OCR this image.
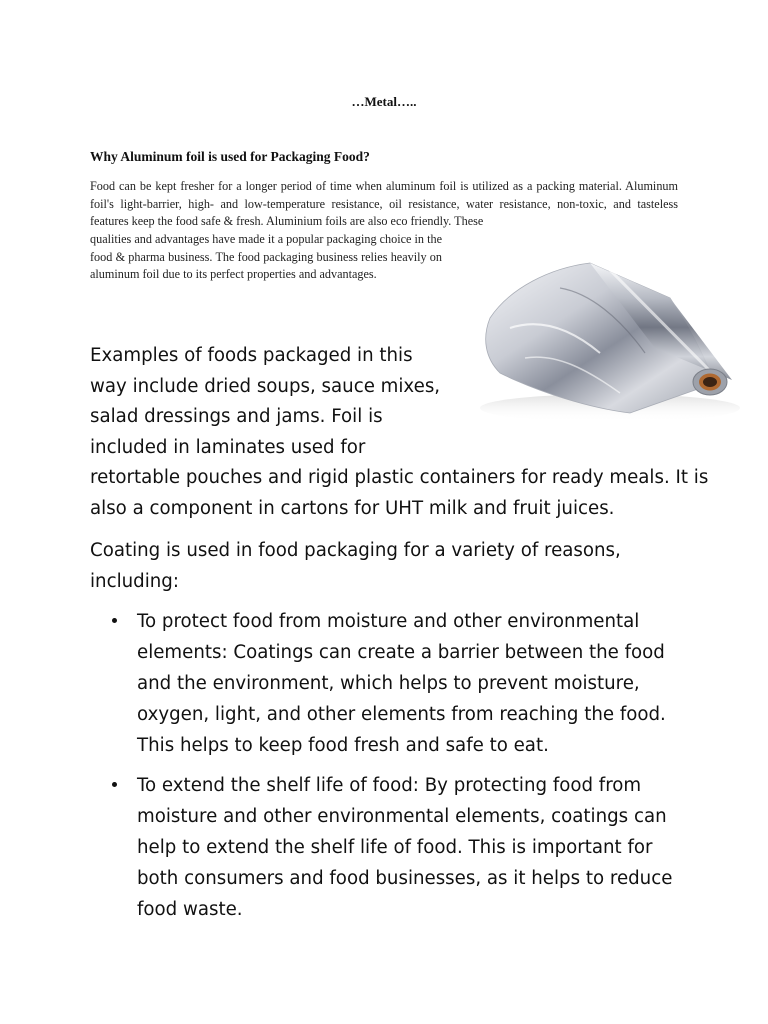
…Metal…..
Why Aluminum foil is used for Packaging Food?

Food can be kept fresher for a longer period of time when aluminum foil is utilized as a packing material. Aluminum foil's light-barrier, high- and low-temperature resistance, oil resistance, water resistance, non-toxic, and tasteless features keep the food safe & fresh. Aluminium foils are also eco friendly. These

qualities and advantages have made it a popular packaging choice in the food & pharma business. The food packaging business relies heavily on aluminum foil due to its perfect properties and advantages.

Examples of foods packaged in this way include dried soups, sauce mixes, salad dressings and jams. Foil is included in laminates used for

retortable pouches and rigid plastic containers for ready meals. It is also a component in cartons for UHT milk and fruit juices.

Coating is used in food packaging for a variety of reasons, including:

To protect food from moisture and other environmental elements: Coatings can create a barrier between the food and the environment, which helps to prevent moisture, oxygen, light, and other elements from reaching the food. This helps to keep food fresh and safe to eat.
To extend the shelf life of food: By protecting food from moisture and other environmental elements, coatings can help to extend the shelf life of food. This is important for both consumers and food businesses, as it helps to reduce food waste.
